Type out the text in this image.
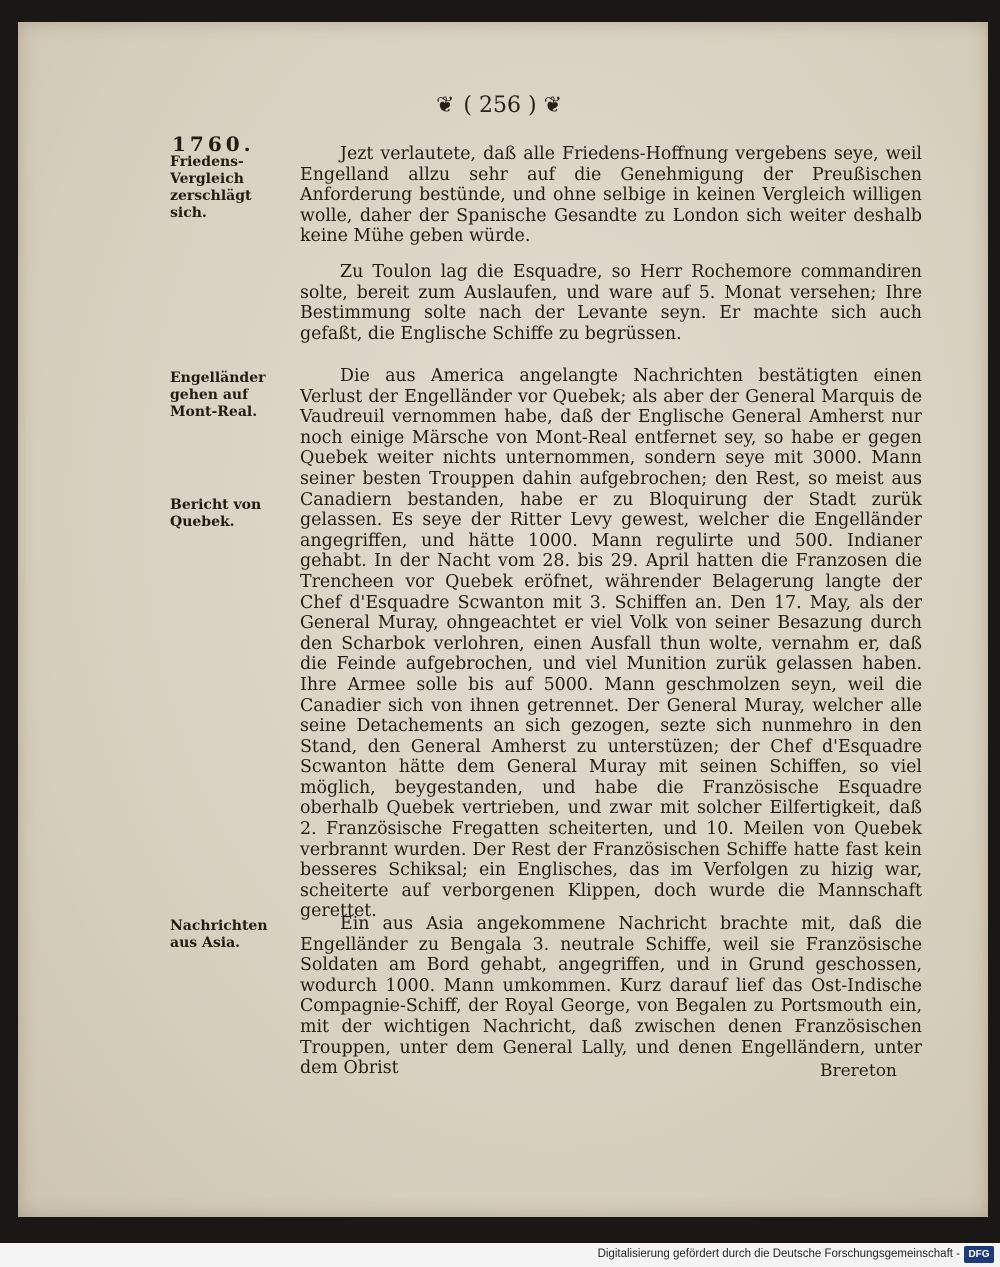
❦ ( 256 ) ❦
1760.
Friedens-Vergleich zerschlägt sich.
Engelländer gehen auf Mont-Real.
Bericht von Quebek.
Nachrichten aus Asia.

Jezt verlautete, daß alle Friedens-Hoffnung vergebens seye, weil Engelland allzu sehr auf die Genehmigung der Preußischen Anforderung bestünde, und ohne selbige in keinen Vergleich willigen wolle, daher der Spanische Gesandte zu London sich weiter deshalb keine Mühe geben würde.

Zu Toulon lag die Esquadre, so Herr Rochemore commandiren solte, bereit zum Auslaufen, und ware auf 5. Monat versehen; Ihre Bestimmung solte nach der Levante seyn. Er machte sich auch gefaßt, die Englische Schiffe zu begrüssen.

Die aus America angelangte Nachrichten bestätigten einen Verlust der Engelländer vor Quebek; als aber der General Marquis de Vaudreuil vernommen habe, daß der Englische General Amherst nur noch einige Märsche von Mont-Real entfernet sey, so habe er gegen Quebek weiter nichts unternommen, sondern seye mit 3000. Mann seiner besten Trouppen dahin aufgebrochen; den Rest, so meist aus Canadiern bestanden, habe er zu Bloquirung der Stadt zurük gelassen. Es seye der Ritter Levy gewest, welcher die Engelländer angegriffen, und hätte 1000. Mann regulirte und 500. Indianer gehabt. In der Nacht vom 28. bis 29. April hatten die Franzosen die Trencheen vor Quebek eröfnet, währender Belagerung langte der Chef d'Esquadre Scwanton mit 3. Schiffen an. Den 17. May, als der General Muray, ohngeachtet er viel Volk von seiner Besazung durch den Scharbok verlohren, einen Ausfall thun wolte, vernahm er, daß die Feinde aufgebrochen, und viel Munition zurük gelassen haben. Ihre Armee solle bis auf 5000. Mann geschmolzen seyn, weil die Canadier sich von ihnen getrennet. Der General Muray, welcher alle seine Detachements an sich gezogen, sezte sich nunmehro in den Stand, den General Amherst zu unterstüzen; der Chef d'Esquadre Scwanton hätte dem General Muray mit seinen Schiffen, so viel möglich, beygestanden, und habe die Französische Esquadre oberhalb Quebek vertrieben, und zwar mit solcher Eilfertigkeit, daß 2. Französische Fregatten scheiterten, und 10. Meilen von Quebek verbrannt wurden. Der Rest der Französischen Schiffe hatte fast kein besseres Schiksal; ein Englisches, das im Verfolgen zu hizig war, scheiterte auf verborgenen Klippen, doch wurde die Mannschaft gerettet.

Ein aus Asia angekommene Nachricht brachte mit, daß die Engelländer zu Bengala 3. neutrale Schiffe, weil sie Französische Soldaten am Bord gehabt, angegriffen, und in Grund geschossen, wodurch 1000. Mann umkommen. Kurz darauf lief das Ost-Indische Compagnie-Schiff, der Royal George, von Begalen zu Portsmouth ein, mit der wichtigen Nachricht, daß zwischen denen Französischen Trouppen, unter dem General Lally, und denen Engelländern, unter dem Obrist	Brereton
Digitalisierung gefördert durch die Deutsche Forschungsgemeinschaft - DFG
